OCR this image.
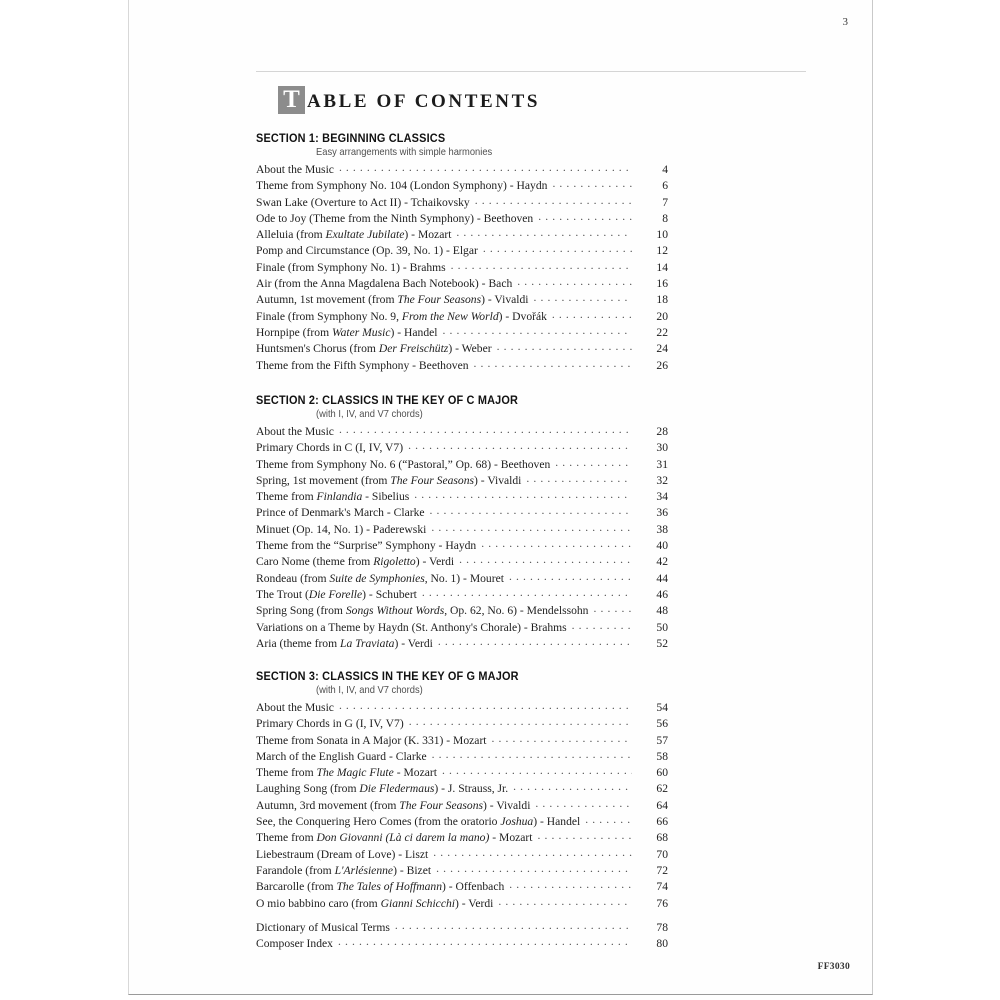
3
FF3030
T ABLE OF CONTENTS
SECTION 1: BEGINNING CLASSICS
Easy arrangements with simple harmonies
About the Music . . .	4
Theme from Symphony No. 104 (London Symphony) - Haydn . . .	6
Swan Lake (Overture to Act II) - Tchaikovsky . . .	7
Ode to Joy (Theme from the Ninth Symphony) - Beethoven . . .	8
Alleluia (from Exultate Jubilate) - Mozart . . .	10
Pomp and Circumstance (Op. 39, No. 1) - Elgar . . .	12
Finale (from Symphony No. 1) - Brahms . . .	14
Air (from the Anna Magdalena Bach Notebook) - Bach . . .	16
Autumn, 1st movement (from The Four Seasons) - Vivaldi . . .	18
Finale (from Symphony No. 9, From the New World) - Dvořák . . .	20
Hornpipe (from Water Music) - Handel . . .	22
Huntsmen's Chorus (from Der Freischütz) - Weber . . .	24
Theme from the Fifth Symphony - Beethoven . . .	26
SECTION 2: CLASSICS IN THE KEY OF C MAJOR
(with I, IV, and V7 chords)
About the Music . . .	28
Primary Chords in C (I, IV, V7) . . .	30
Theme from Symphony No. 6 (“Pastoral,” Op. 68) - Beethoven . . .	31
Spring, 1st movement (from The Four Seasons) - Vivaldi . . .	32
Theme from Finlandia - Sibelius . . .	34
Prince of Denmark's March - Clarke . . .	36
Minuet (Op. 14, No. 1) - Paderewski . . .	38
Theme from the “Surprise” Symphony - Haydn . . .	40
Caro Nome (theme from Rigoletto) - Verdi . . .	42
Rondeau (from Suite de Symphonies, No. 1) - Mouret . . .	44
The Trout (Die Forelle) - Schubert . . .	46
Spring Song (from Songs Without Words, Op. 62, No. 6) - Mendelssohn . . .	48
Variations on a Theme by Haydn (St. Anthony's Chorale) - Brahms . . .	50
Aria (theme from La Traviata) - Verdi . . .	52
SECTION 3: CLASSICS IN THE KEY OF G MAJOR
(with I, IV, and V7 chords)
About the Music . . .	54
Primary Chords in G (I, IV, V7) . . .	56
Theme from Sonata in A Major (K. 331) - Mozart . . .	57
March of the English Guard - Clarke . . .	58
Theme from The Magic Flute - Mozart . . .	60
Laughing Song (from Die Fledermaus) - J. Strauss, Jr. . . .	62
Autumn, 3rd movement (from The Four Seasons) - Vivaldi . . .	64
See, the Conquering Hero Comes (from the oratorio Joshua) - Handel . . .	66
Theme from Don Giovanni (Là ci darem la mano) - Mozart . . .	68
Liebestraum (Dream of Love) - Liszt . . .	70
Farandole (from L'Arlésienne) - Bizet . . .	72
Barcarolle (from The Tales of Hoffmann) - Offenbach . . .	74
O mio babbino caro (from Gianni Schicchi) - Verdi . . .	76
Dictionary of Musical Terms . . .	78
Composer Index . . .	80
